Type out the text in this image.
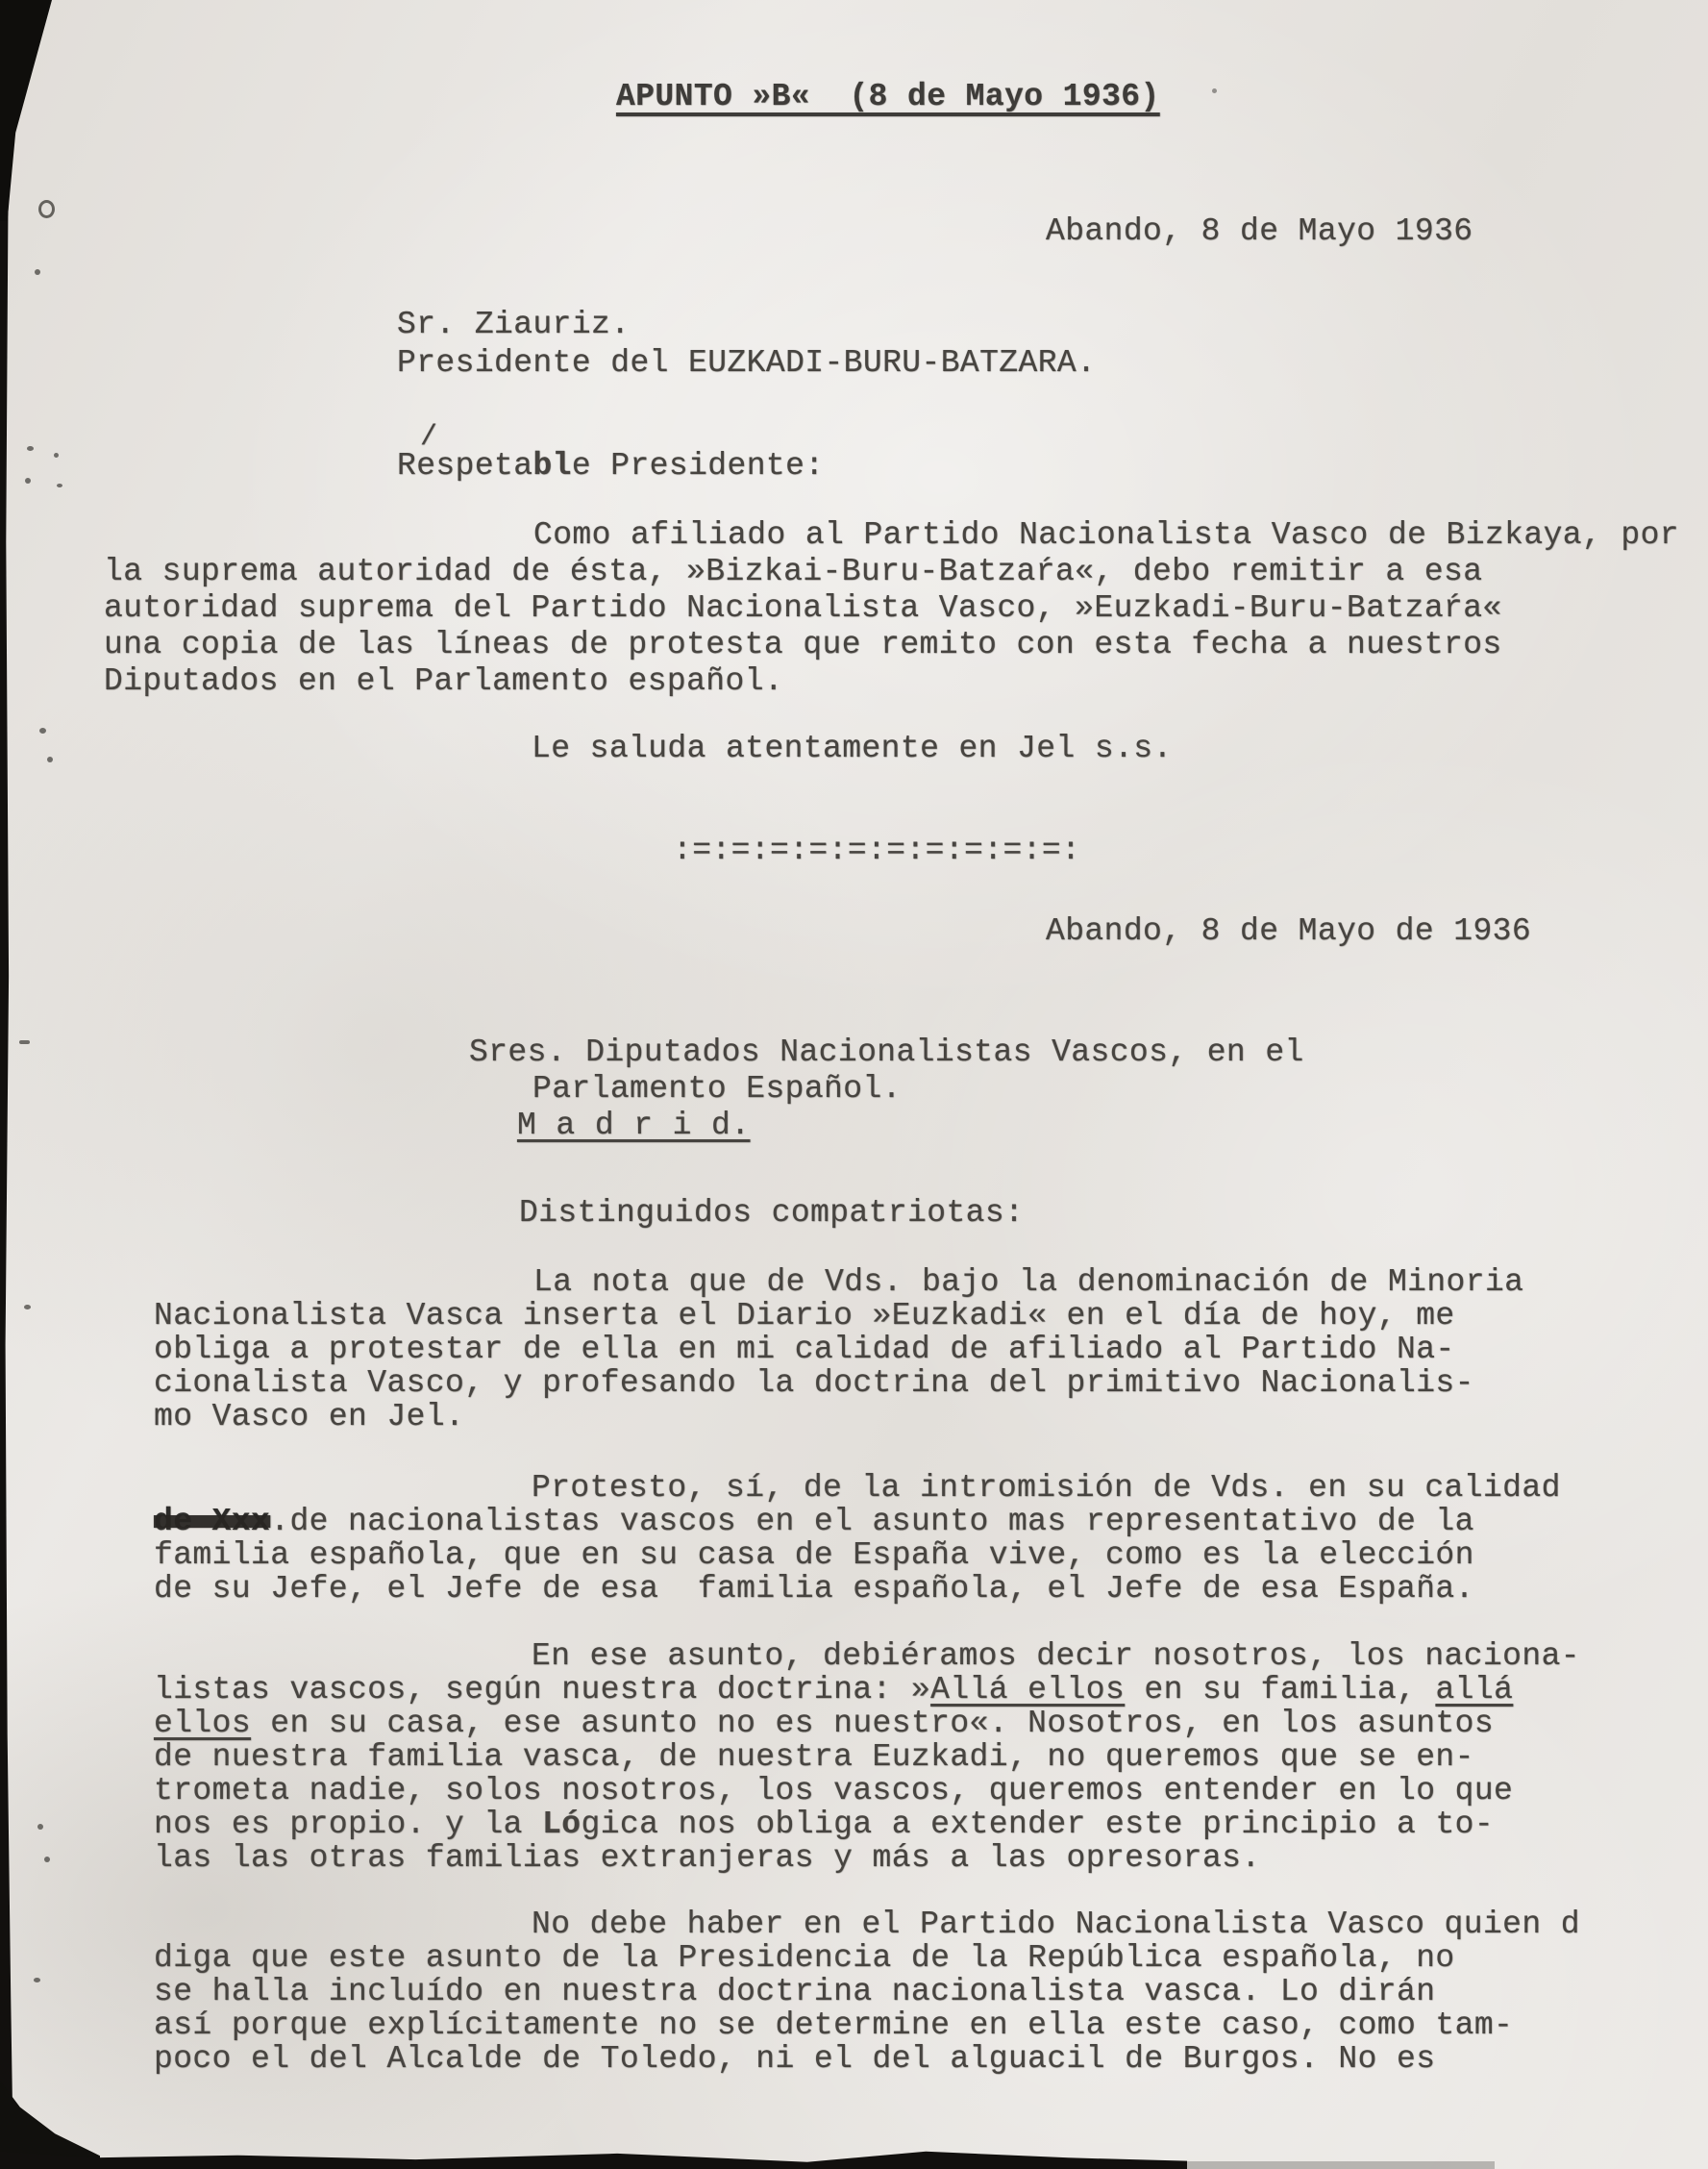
APUNTO »B«  (8 de Mayo 1936)
Abando, 8 de Mayo 1936
Sr. Ziauriz.
Presidente del EUZKADI-BURU-BATZARA.
/
Respetable Presidente:
Como afiliado al Partido Nacionalista Vasco de Bizkaya, por
la suprema autoridad de ésta, »Bizkai-Buru-Batzaŕa«, debo remitir a esa
autoridad suprema del Partido Nacionalista Vasco, »Euzkadi-Buru-Batzaŕa«
una copia de las líneas de protesta que remito con esta fecha a nuestros
Diputados en el Parlamento español.
Le saluda atentamente en Jel s.s.
:=:=:=:=:=:=:=:=:=:=:
Abando, 8 de Mayo de 1936
Sres. Diputados Nacionalistas Vascos, en el
Parlamento Español.
M a d r i d.
Distinguidos compatriotas:
La nota que de Vds. bajo la denominación de Minoria
Nacionalista Vasca inserta el Diario »Euzkadi« en el día de hoy, me
obliga a protestar de ella en mi calidad de afiliado al Partido Na-
cionalista Vasco, y profesando la doctrina del primitivo Nacionalis-
mo Vasco en Jel.
Protesto, sí, de la intromisión de Vds. en su calidad
de Xxx.de nacionalistas vascos en el asunto mas representativo de la
familia española, que en su casa de España vive, como es la elección
de su Jefe, el Jefe de esa  familia española, el Jefe de esa España.
En ese asunto, debiéramos decir nosotros, los naciona-
listas vascos, según nuestra doctrina: »Allá ellos en su familia, allá
ellos en su casa, ese asunto no es nuestro«. Nosotros, en los asuntos
de nuestra familia vasca, de nuestra Euzkadi, no queremos que se en-
trometa nadie, solos nosotros, los vascos, queremos entender en lo que
nos es propio. y la Lógica nos obliga a extender este principio a to-
las las otras familias extranjeras y más a las opresoras.
No debe haber en el Partido Nacionalista Vasco quien d
diga que este asunto de la Presidencia de la República española, no
se halla incluído en nuestra doctrina nacionalista vasca. Lo dirán
así porque explícitamente no se determine en ella este caso, como tam-
poco el del Alcalde de Toledo, ni el del alguacil de Burgos. No es
